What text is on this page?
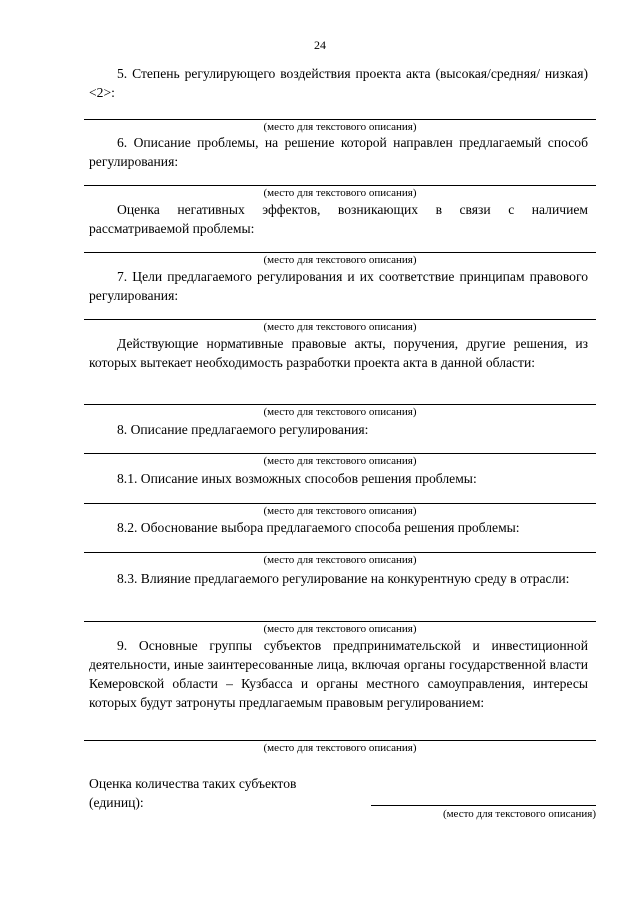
24
5. Степень регулирующего воздействия проекта акта (высокая/средняя/ низкая) <2>:
(место для текстового описания)
6. Описание проблемы, на решение которой направлен предлагаемый способ регулирования:
(место для текстового описания)
Оценка негативных эффектов, возникающих в связи с наличием рассматриваемой проблемы:
(место для текстового описания)
7. Цели предлагаемого регулирования и их соответствие принципам правового регулирования:
(место для текстового описания)
Действующие нормативные правовые акты, поручения, другие решения, из которых вытекает необходимость разработки проекта акта в данной области:
(место для текстового описания)
8. Описание предлагаемого регулирования:
(место для текстового описания)
8.1. Описание иных возможных способов решения проблемы:
(место для текстового описания)
8.2. Обоснование выбора предлагаемого способа решения проблемы:
(место для текстового описания)
8.3. Влияние предлагаемого регулирование на конкурентную среду в отрасли:
(место для текстового описания)
9. Основные группы субъектов предпринимательской и инвестиционной деятельности, иные заинтересованные лица, включая органы государственной власти Кемеровской области – Кузбасса и органы местного самоуправления, интересы которых будут затронуты предлагаемым правовым регулированием:
(место для текстового описания)
Оценка количества таких субъектов (единиц):
(место для текстового описания)
